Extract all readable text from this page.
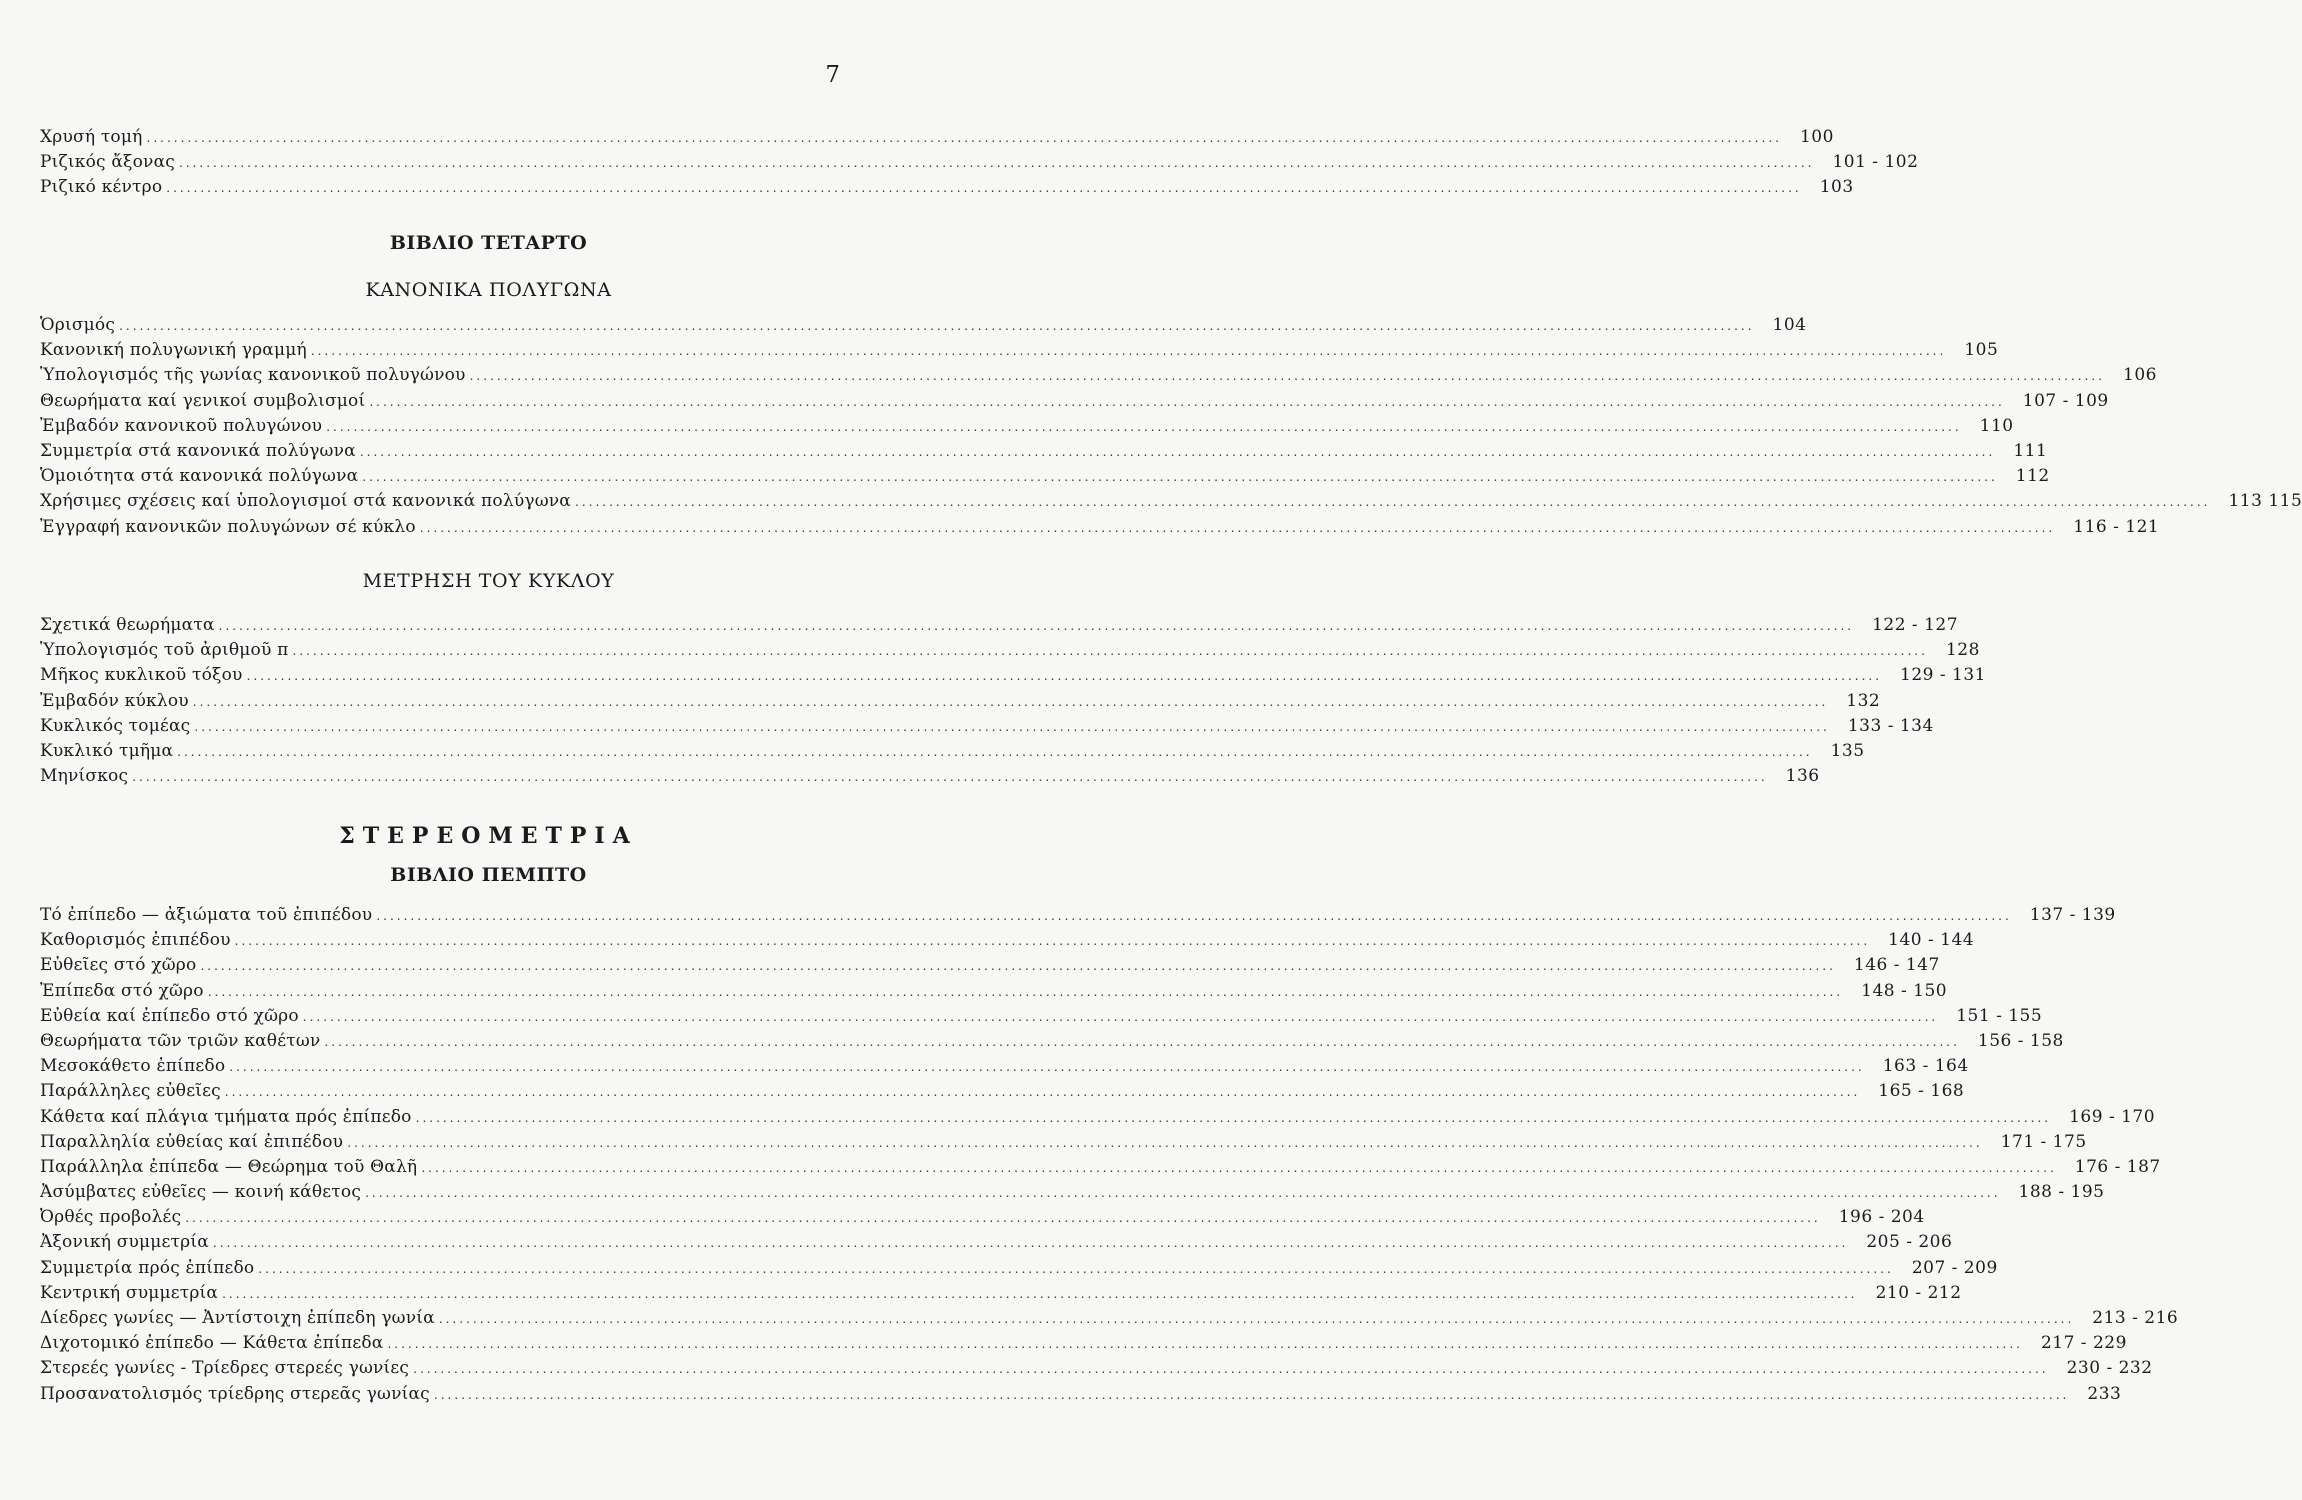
7
Χρυσή τομή ................................................................................................................................................................................................................................................	100
Ριζικός ἄξονας ................................................................................................................................................................................................................................................	101 - 102
Ριζικό κέντρο ................................................................................................................................................................................................................................................	103
ΒΙΒΛΙΟ ΤΕΤΑΡΤΟ
ΚΑΝΟΝΙΚΑ ΠΟΛΥΓΩΝΑ
Ὁρισμός ................................................................................................................................................................................................................................................	104
Κανονική πολυγωνική γραμμή ................................................................................................................................................................................................................................................	105
Ὑπολογισμός τῆς γωνίας κανονικοῦ πολυγώνου ................................................................................................................................................................................................................................................	106
Θεωρήματα καί γενικοί συμβολισμοί ................................................................................................................................................................................................................................................	107 - 109
Ἐμβαδόν κανονικοῦ πολυγώνου ................................................................................................................................................................................................................................................	110
Συμμετρία στά κανονικά πολύγωνα ................................................................................................................................................................................................................................................	111
Ὁμοιότητα στά κανονικά πολύγωνα ................................................................................................................................................................................................................................................	112
Χρήσιμες σχέσεις καί ὑπολογισμοί στά κανονικά πολύγωνα ................................................................................................................................................................................................................................................	113 115
Ἐγγραφή κανονικῶν πολυγώνων σέ κύκλο ................................................................................................................................................................................................................................................	116 - 121
ΜΕΤΡΗΣΗ ΤΟΥ ΚΥΚΛΟΥ
Σχετικά θεωρήματα ................................................................................................................................................................................................................................................	122 - 127
Ὑπολογισμός τοῦ ἀριθμοῦ π ................................................................................................................................................................................................................................................	128
Μῆκος κυκλικοῦ τόξου ................................................................................................................................................................................................................................................	129 - 131
Ἐμβαδόν κύκλου ................................................................................................................................................................................................................................................	132
Κυκλικός τομέας ................................................................................................................................................................................................................................................	133 - 134
Κυκλικό τμῆμα ................................................................................................................................................................................................................................................	135
Μηνίσκος ................................................................................................................................................................................................................................................	136
ΣΤΕΡΕΟΜΕΤΡΙΑ
ΒΙΒΛΙΟ ΠΕΜΠΤΟ
Τό ἐπίπεδο — ἀξιώματα τοῦ ἐπιπέδου ................................................................................................................................................................................................................................................	137 - 139
Καθορισμός ἐπιπέδου ................................................................................................................................................................................................................................................	140 - 144
Εὐθεῖες στό χῶρο ................................................................................................................................................................................................................................................	146 - 147
Ἐπίπεδα στό χῶρο ................................................................................................................................................................................................................................................	148 - 150
Εὐθεία καί ἐπίπεδο στό χῶρο ................................................................................................................................................................................................................................................	151 - 155
Θεωρήματα τῶν τριῶν καθέτων ................................................................................................................................................................................................................................................	156 - 158
Μεσοκάθετο ἐπίπεδο ................................................................................................................................................................................................................................................	163 - 164
Παράλληλες εὐθεῖες ................................................................................................................................................................................................................................................	165 - 168
Κάθετα καί πλάγια τμήματα πρός ἐπίπεδο ................................................................................................................................................................................................................................................	169 - 170
Παραλληλία εὐθείας καί ἐπιπέδου ................................................................................................................................................................................................................................................	171 - 175
Παράλληλα ἐπίπεδα — Θεώρημα τοῦ Θαλῆ ................................................................................................................................................................................................................................................	176 - 187
Ἀσύμβατες εὐθεῖες — κοινή κάθετος ................................................................................................................................................................................................................................................	188 - 195
Ὀρθές προβολές ................................................................................................................................................................................................................................................	196 - 204
Ἀξονική συμμετρία ................................................................................................................................................................................................................................................	205 - 206
Συμμετρία πρός ἐπίπεδο ................................................................................................................................................................................................................................................	207 - 209
Κεντρική συμμετρία ................................................................................................................................................................................................................................................	210 - 212
Δίεδρες γωνίες — Ἀντίστοιχη ἐπίπεδη γωνία ................................................................................................................................................................................................................................................	213 - 216
Διχοτομικό ἐπίπεδο — Κάθετα ἐπίπεδα ................................................................................................................................................................................................................................................	217 - 229
Στερεές γωνίες - Τρίεδρες στερεές γωνίες ................................................................................................................................................................................................................................................	230 - 232
Προσανατολισμός τρίεδρης στερεᾶς γωνίας ................................................................................................................................................................................................................................................	233
